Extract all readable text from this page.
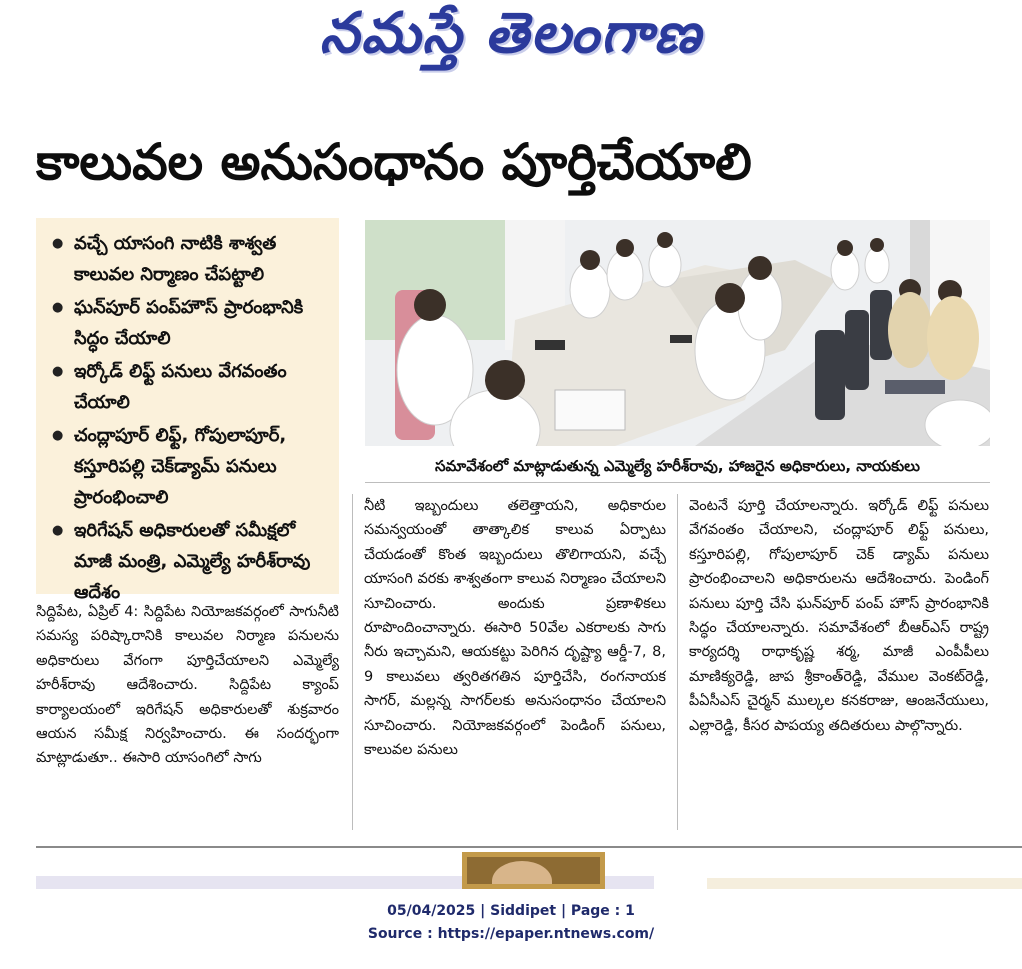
నమస్తే తెలంగాణ
కాలువల అనుసంధానం పూర్తిచేయాలి
● వచ్చే యాసంగి నాటికి శాశ్వత కాలువల నిర్మాణం చేపట్టాలి
● ఘన్‌పూర్ పంప్‌హౌస్ ప్రారంభానికి సిద్ధం చేయాలి
● ఇర్కోడ్ లిఫ్ట్ పనులు వేగవంతం చేయాలి
● చంద్లాపూర్ లిఫ్ట్, గోపులాపూర్, కస్తూరిపల్లి చెక్‌డ్యామ్ పనులు ప్రారంభించాలి
● ఇరిగేషన్ అధికారులతో సమీక్షలో మాజీ మంత్రి, ఎమ్మెల్యే హరీశ్‌రావు ఆదేశం
సమావేశంలో మాట్లాడుతున్న ఎమ్మెల్యే హరీశ్‌రావు, హాజరైన అధికారులు, నాయకులు
సిద్దిపేట, ఏప్రిల్ 4: సిద్దిపేట నియోజకవర్గంలో సాగునీటి సమస్య పరిష్కారానికి కాలువల నిర్మాణ పనులను అధికారులు వేగంగా పూర్తిచేయాలని ఎమ్మెల్యే హరీశ్‌రావు ఆదేశించారు. సిద్దిపేట క్యాంప్ కార్యాలయంలో ఇరిగేషన్ అధికారులతో శుక్రవారం ఆయన సమీక్ష నిర్వహించారు. ఈ సందర్భంగా మాట్లాడుతూ.. ఈసారి యాసంగిలో సాగు
నీటి ఇబ్బందులు తలెత్తాయని, అధికారుల సమన్వయంతో తాత్కాలిక కాలువ ఏర్పాటు చేయడంతో కొంత ఇబ్బందులు తొలిగాయని, వచ్చే యాసంగి వరకు శాశ్వతంగా కాలువ నిర్మాణం చేయాలని సూచించారు. అందుకు ప్రణాళికలు రూపొందించాన్నారు. ఈసారి 50వేల ఎకరాలకు సాగు నీరు ఇచ్చామని, ఆయకట్టు పెరిగిన దృష్ట్యా ఆర్డీ-7, 8, 9 కాలువలు త్వరితగతిన పూర్తిచేసి, రంగనాయక సాగర్, మల్లన్న సాగర్‌లకు అనుసంధానం చేయాలని సూచించారు. నియోజకవర్గంలో పెండింగ్ పనులు, కాలువల పనులు
వెంటనే పూర్తి చేయాలన్నారు. ఇర్కోడ్ లిఫ్ట్ పనులు వేగవంతం చేయాలని, చంద్లాపూర్ లిఫ్ట్ పనులు, కస్తూరిపల్లి, గోపులాపూర్ చెక్ డ్యామ్ పనులు ప్రారంభించాలని అధికారులను ఆదేశించారు. పెండింగ్ పనులు పూర్తి చేసి ఘన్‌పూర్ పంప్ హౌస్ ప్రారంభానికి సిద్ధం చేయాలన్నారు. సమావేశంలో బీఆర్ఎస్ రాష్ట్ర కార్యదర్శి రాధాకృష్ణ శర్మ, మాజీ ఎంపీపీలు మాణిక్యరెడ్డి, జాప శ్రీకాంత్‌రెడ్డి, వేముల వెంకట్‌రెడ్డి, పీఏసీఎస్ చైర్మన్ ముల్కల కనకరాజు, ఆంజనేయులు, ఎల్లారెడ్డి, కీసర పాపయ్య తదితరులు పాల్గొన్నారు.
05/04/2025 | Siddipet | Page : 1
Source : https://epaper.ntnews.com/
